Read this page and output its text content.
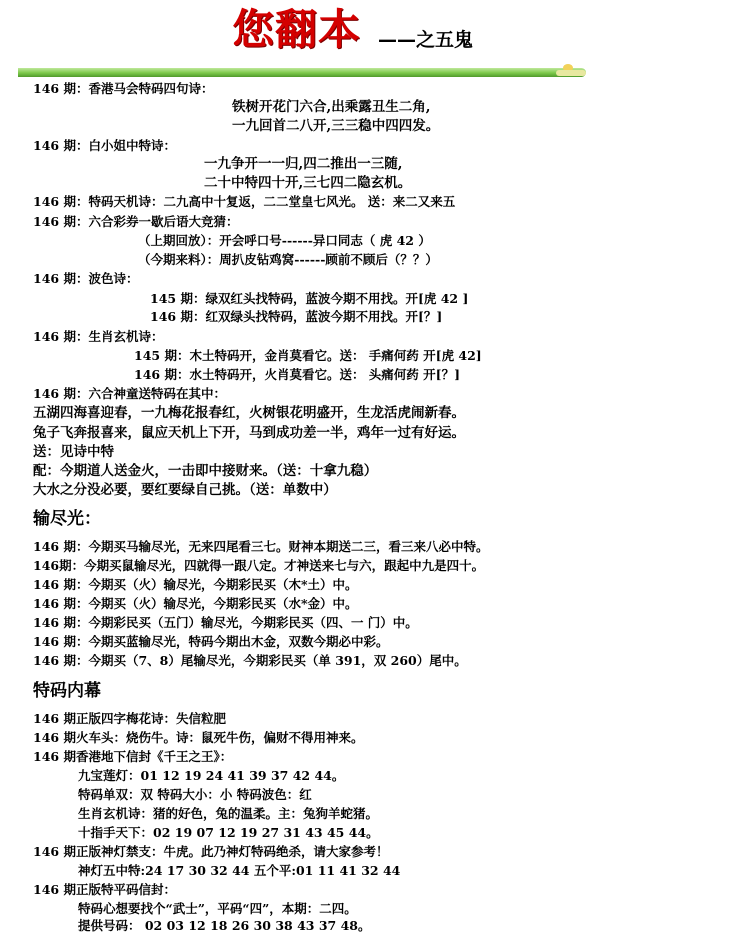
您翻本 ——之五鬼
146 期：香港马会特码四句诗：
铁树开花门六合,出乘露丑生二角,
一九回首二八开,三三稳中四四发。
146 期：白小姐中特诗：
一九争开一一归,四二推出一三随,
二十中特四十开,三七四二隐玄机。
146 期：特码天机诗：二九高中十复返，二二堂皇七风光。 送：来二又来五
146 期：六合彩券一歇后语大竞猜：
（上期回放）：开会呼口号------异口同志（ 虎 42 ）
（今期来料）：周扒皮钻鸡窝------顾前不顾后（？？）
146 期：波色诗：
145 期：绿双红头找特码，蓝波今期不用找。开[虎 42 ]
146 期：红双绿头找特码，蓝波今期不用找。开[？]
146 期：生肖玄机诗：
145 期：木土特码开，金肖莫看它。送： 手痛何药 开[虎 42]
146 期：水土特码开，火肖莫看它。送： 头痛何药 开[？]
146 期：六合神童送特码在其中：
五湖四海喜迎春，一九梅花报春红，火树银花明盛开，生龙活虎闹新春。
兔子飞奔报喜来，鼠应天机上下开，马到成功差一半，鸡年一过有好运。
送：见诗中特
配：今期道人送金火，一击即中接财来。（送：十拿九稳）
大水之分没必要，要红要绿自己挑。（送：单数中）
输尽光：
146 期：今期买马输尽光，无来四尾看三七。财神本期送二三，看三来八必中特。
146期：今期买鼠输尽光，四就得一跟八定。才神送来七与六，跟起中九是四十。
146 期：今期买（火）输尽光，今期彩民买（木*土）中。
146 期：今期买（火）输尽光，今期彩民买（水*金）中。
146 期：今期彩民买（五门）输尽光，今期彩民买（四、一 门）中。
146 期：今期买蓝输尽光，特码今期出木金，双数今期必中彩。
146 期：今期买（7、8）尾输尽光，今期彩民买（单 391，双 260）尾中。
特码内幕
146 期正版四字梅花诗：失信粒肥
146 期火车头：烧伤牛。诗：鼠死牛伤，偏财不得用神来。
146 期香港地下信封《千王之王》：
九宝莲灯：01 12 19 24 41 39 37 42 44。
特码单双：双 特码大小：小 特码波色：红
生肖玄机诗：猪的好色，兔的温柔。主：兔狗羊蛇猪。
十指手天下：02 19 07 12 19 27 31 43 45 44。
146 期正版神灯禁支：牛虎。此乃神灯特码绝杀，请大家参考！
神灯五中特:24 17 30 32 44 五个平:01 11 41 32 44
146 期正版特平码信封：
特码心想要找个“武士”，平码“四”，本期：二四。
提供号码： 02 03 12 18 26 30 38 43 37 48。
